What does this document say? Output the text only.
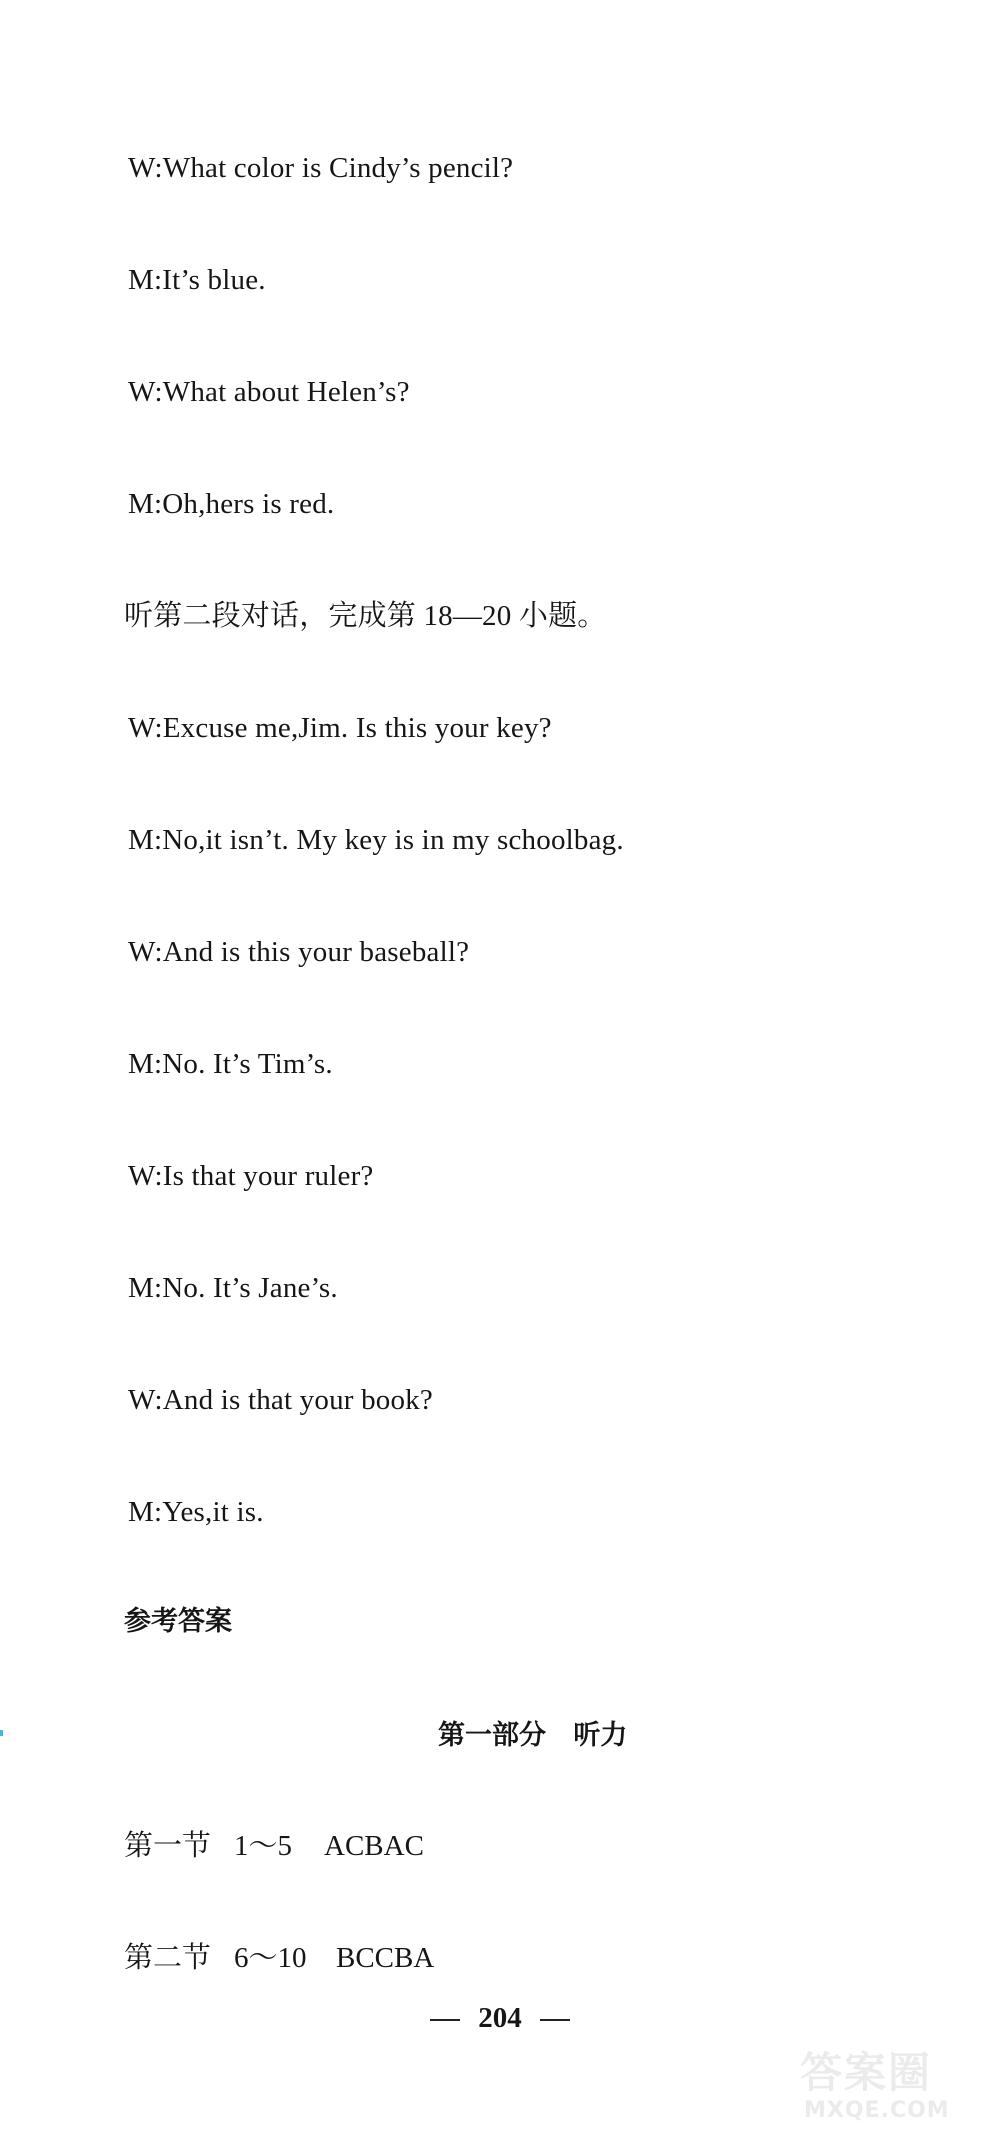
W:What color is Cindy’s pencil?

M:It’s blue.

W:What about Helen’s?

M:Oh,hers is red.

听第二段对话，完成第 18—20 小题。

W:Excuse me,Jim. Is this your key?

M:No,it isn’t. My key is in my schoolbag.

W:And is this your baseball?

M:No. It’s Tim’s.

W:Is that your ruler?

M:No. It’s Jane’s.

W:And is that your book?

M:Yes,it is.

参考答案
第一部分 听力
第一节 1～5 ACBAC
第二节 6～10 BCCBA
204
答案圈
MXQE.COM
